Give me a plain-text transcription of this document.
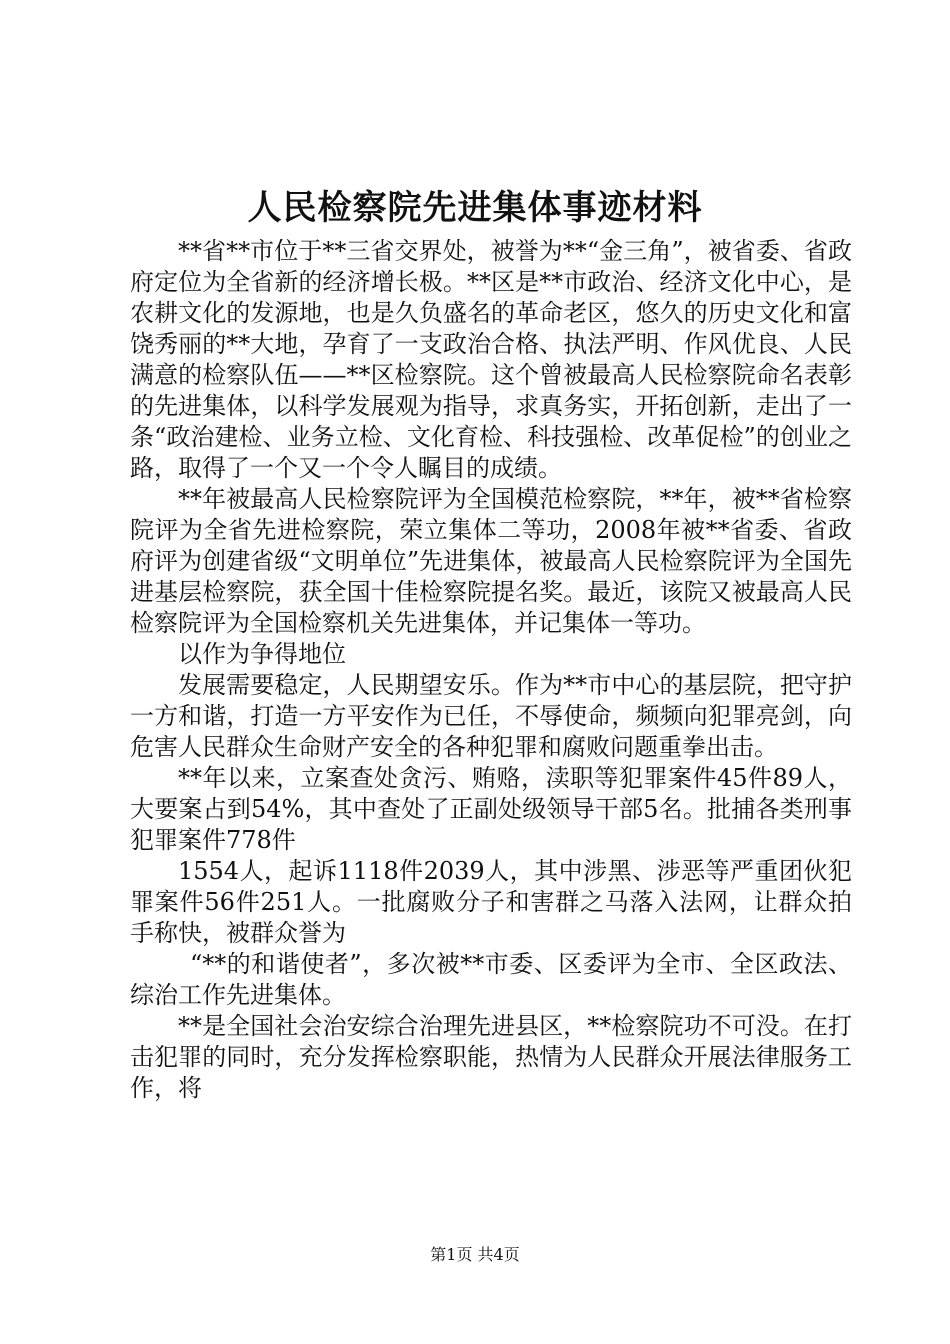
人民检察院先进集体事迹材料

**省**市位于**三省交界处，被誉为**“金三角”，被省委、省政府定位为全省新的经济增长极。**区是**市政治、经济文化中心，是农耕文化的发源地，也是久负盛名的革命老区，悠久的历史文化和富饶秀丽的**大地，孕育了一支政治合格、执法严明、作风优良、人民满意的检察队伍——**区检察院。这个曾被最高人民检察院命名表彰的先进集体，以科学发展观为指导，求真务实，开拓创新，走出了一条“政治建检、业务立检、文化育检、科技强检、改革促检”的创业之路，取得了一个又一个令人瞩目的成绩。

**年被最高人民检察院评为全国模范检察院，**年，被**省检察院评为全省先进检察院，荣立集体二等功，2008年被**省委、省政府评为创建省级“文明单位”先进集体，被最高人民检察院评为全国先进基层检察院，获全国十佳检察院提名奖。最近，该院又被最高人民检察院评为全国检察机关先进集体，并记集体一等功。

以作为争得地位

发展需要稳定，人民期望安乐。作为**市中心的基层院，把守护一方和谐，打造一方平安作为已任，不辱使命，频频向犯罪亮剑，向危害人民群众生命财产安全的各种犯罪和腐败问题重拳出击。

**年以来，立案查处贪污、贿赂，渎职等犯罪案件45件89人，大要案占到54%，其中查处了正副处级领导干部5名。批捕各类刑事犯罪案件778件

1554人，起诉1118件2039人，其中涉黑、涉恶等严重团伙犯罪案件56件251人。一批腐败分子和害群之马落入法网，让群众拍手称快，被群众誉为

“**的和谐使者”，多次被**市委、区委评为全市、全区政法、综治工作先进集体。

**是全国社会治安综合治理先进县区，**检察院功不可没。在打击犯罪的同时，充分发挥检察职能，热情为人民群众开展法律服务工作，将

第1页 共4页
